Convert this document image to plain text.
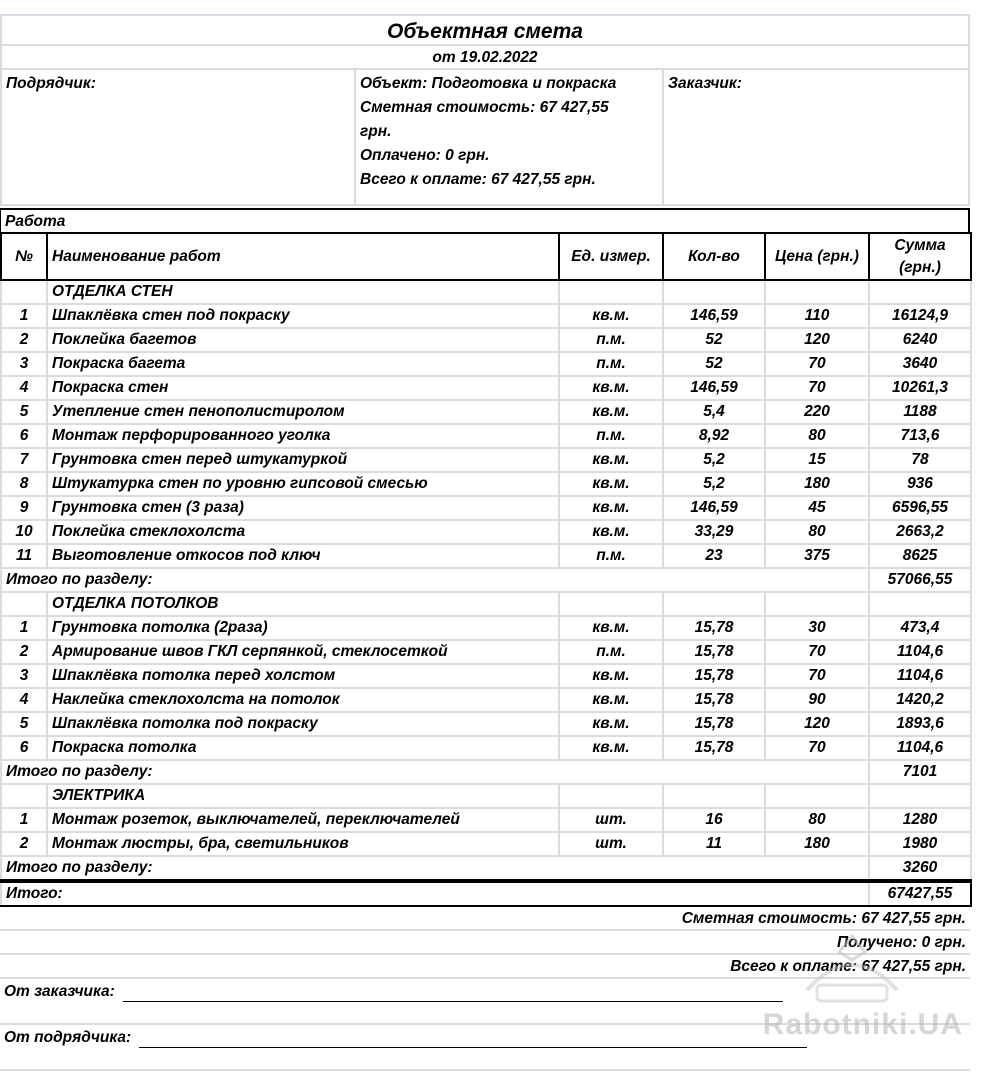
Объектная смета
от 19.02.2022
Подрядчик:	Объект: Подготовка и покраска
Сметная стоимость: 67 427,55
грн.
Оплачено: 0 грн.
Всего к оплате: 67 427,55 грн.
Заказчик:
Работа
№	Наименование работ	Ед. измер.	Кол-во	Цена (грн.)	Сумма (грн.)
	ОТДЕЛКА СТЕН				
1	Шпаклёвка стен под покраску	кв.м.	146,59	110	16124,9
2	Поклейка багетов	п.м.	52	120	6240
3	Покраска багета	п.м.	52	70	3640
4	Покраска стен	кв.м.	146,59	70	10261,3
5	Утепление стен пенополистиролом	кв.м.	5,4	220	1188
6	Монтаж перфорированного уголка	п.м.	8,92	80	713,6
7	Грунтовка стен перед штукатуркой	кв.м.	5,2	15	78
8	Штукатурка стен по уровню гипсовой смесью	кв.м.	5,2	180	936
9	Грунтовка стен (3 раза)	кв.м.	146,59	45	6596,55
10	Поклейка стеклохолста	кв.м.	33,29	80	2663,2
11	Выготовление откосов под ключ	п.м.	23	375	8625
Итого по разделу:					57066,55
	ОТДЕЛКА ПОТОЛКОВ				
1	Грунтовка потолка (2раза)	кв.м.	15,78	30	473,4
2	Армирование швов ГКЛ серпянкой, стеклосеткой	п.м.	15,78	70	1104,6
3	Шпаклёвка потолка перед холстом	кв.м.	15,78	70	1104,6
4	Наклейка стеклохолста на потолок	кв.м.	15,78	90	1420,2
5	Шпаклёвка потолка под покраску	кв.м.	15,78	120	1893,6
6	Покраска потолка	кв.м.	15,78	70	1104,6
Итого по разделу:					7101
	ЭЛЕКТРИКА				
1	Монтаж розеток, выключателей, переключателей	шт.	16	80	1280
2	Монтаж люстры, бра, светильников	шт.	11	180	1980
Итого по разделу:					3260
Итого:					67427,55
Сметная стоимость: 67 427,55 грн.
Получено: 0 грн.
Всего к оплате: 67 427,55 грн.
От заказчика:
От подрядчика:	Rabotniki.UA
